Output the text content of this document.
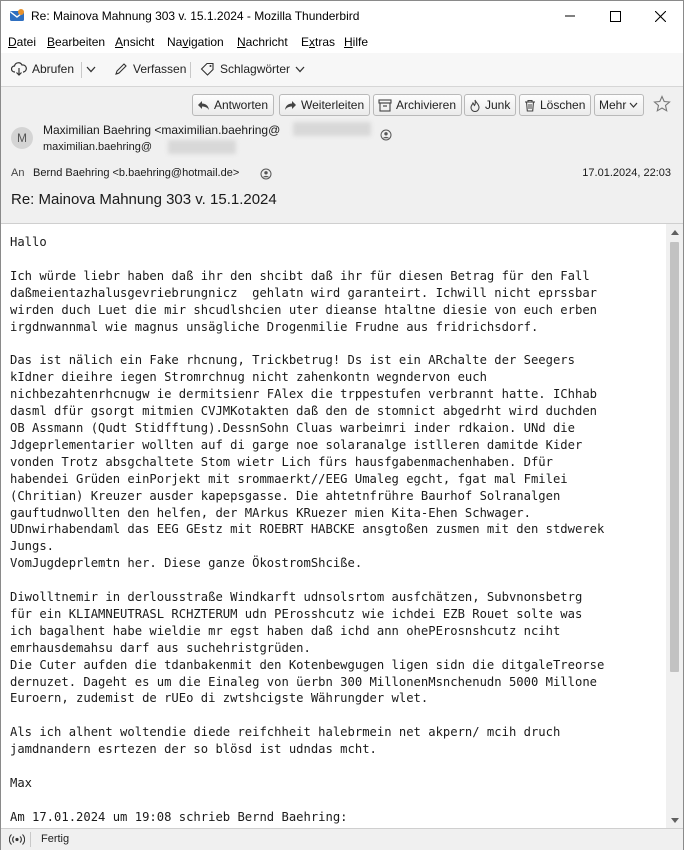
Re: Mainova Mahnung 303 v. 15.1.2024 - Mozilla Thunderbird
Datei Bearbeiten Ansicht Navigation Nachricht Extras Hilfe
Abrufen	Verfassen	Schlagwörter
Antworten	Weiterleiten	Archivieren Junk Löschen Mehr
M
Maximilian Baehring <maximilian.baehring@
maximilian.baehring@
An Bernd Baehring <b.baehring@hotmail.de>	17.01.2024, 22:03
Re: Mainova Mahnung 303 v. 15.1.2024
Hallo

Ich würde liebr haben daß ihr den shcibt daß ihr für diesen Betrag für den Fall
daßmeientazhalusgevriebrungnicz  gehlatn wird garanteirt. Ichwill nicht eprssbar
wirden duch Luet die mir shcudlshcien uter dieanse htaltne diesie von euch erben
irgdnwannmal wie magnus unsägliche Drogenmilie Frudne aus fridrichsdorf.

Das ist nälich ein Fake rhcnung, Trickbetrug! Ds ist ein ARchalte der Seegers
kIdner dieihre iegen Stromrchnug nicht zahenkontn wegndervon euch
nichbezahtenrhcnugw ie dermitsienr FAlex die trppestufen verbrannt hatte. IChhab
dasml dfür gsorgt mitmien CVJMKotakten daß den de stomnict abgedrht wird duchden
OB Assmann (Qudt Stidfftung).DessnSohn Cluas warbeimri inder rdkaion. UNd die
Jdgeprlementarier wollten auf di garge noe solaranalge istlleren damitde Kider
vonden Trotz absgchaltete Stom wietr Lich fürs hausfgabenmachenhaben. Dfür
habendei Grüden einPorjekt mit srommaerkt//EEG Umaleg egcht, fgat mal Fmilei
(Chritian) Kreuzer ausder kapepsgasse. Die ahtetnfrühre Baurhof Solranalgen
gauftudnwollten den helfen, der MArkus KRuezer mien Kita-Ehen Schwager.
UDnwirhabendaml das EEG GEstz mit ROEBRT HABCKE ansgtoßen zusmen mit den stdwerek
Jungs.
VomJugdeprlemtn her. Diese ganze ÖkostromShciße.

Diwolltnemir in derlousstraße Windkarft udnsolsrtom ausfchätzen, Subvnonsbetrg
für ein KLIAMNEUTRASL RCHZTERUM udn PErosshcutz wie ichdei EZB Rouet solte was
ich bagalhent habe wieldie mr egst haben daß ichd ann ohePErosnshcutz nciht
emrhausdemahsu darf aus suchehristgrüden.
Die Cuter aufden die tdanbakenmit den Kotenbewgugen ligen sidn die ditgaleTreorse
dernuzet. Dageht es um die Einaleg von üerbn 300 MillonenMsnchenudn 5000 Millone
Euroern, zudemist de rUEo di zwtshcigste Währungder wlet.

Als ich alhent woltendie diede reifchheit halebrmein net akpern/ mcih druch
jamdnandern esrtezen der so blösd ist udndas mcht.

Max

Am 17.01.2024 um 19:08 schrieb Bernd Baehring:
Fertig
